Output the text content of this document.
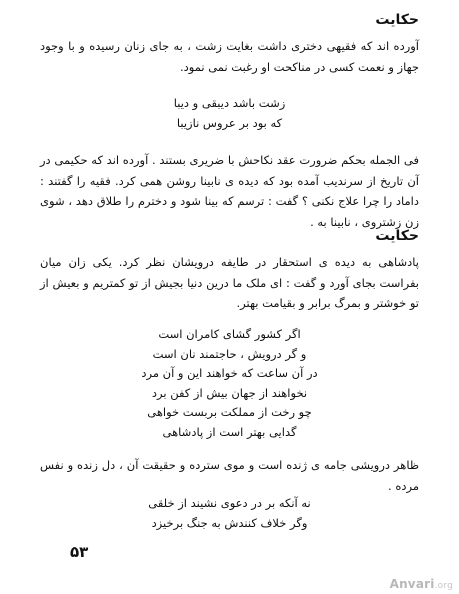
حکایت
آورده اند که فقیهی دختری داشت بغایت زشت ، به جای زنان رسیده و با وجود جهاز و نعمت کسی در مناکحت او رغبت نمی نمود.
زشت باشد دیبقی و دیبا
که بود بر عروس نازیبا
فی الجمله بحکم ضرورت عقد نکاحش با ضریری بستند . آورده اند که حکیمی در آن تاریخ از سرندیب آمده بود که دیده ی نابینا روشن همی کرد. فقیه را گفتند : داماد را چرا علاج نکنی ؟ گفت : ترسم که بینا شود و دخترم را طلاق دهد ، شوی زن زشتروی ، نابینا به .
حکایت
پادشاهی به دیده ی استحقار در طایفه درویشان نظر کرد. یکی زان میان بفراست بجای آورد و گفت : ای ملک ما درین دنیا بجیش از تو کمتریم و بعیش از تو خوشتر و بمرگ برابر و بقیامت بهتر.
اگر کشور گشای کامران است
و گر درویش ، حاجتمند نان است
در آن ساعت که خواهند این و آن مرد
نخواهند از جهان بیش از کفن برد
چو رخت از مملکت بربست خواهی
گدایی بهتر است از پادشاهی
ظاهر درویشی جامه ی ژنده است و موی سترده و حقیقت آن ، دل زنده و نفس مرده .
نه آنکه بر در دعوی نشیند از خلقی
وگر خلاف کنندش به جنگ برخیزد
۵۳
Anvari.org
